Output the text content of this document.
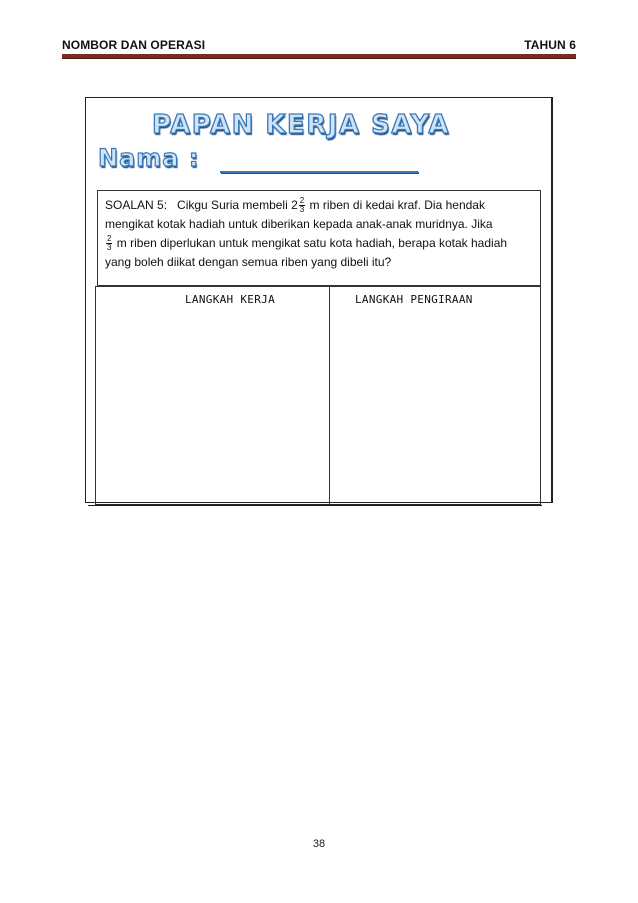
NOMBOR DAN OPERASI	TAHUN 6
PAPAN KERJA SAYA
Nama :
SOALAN 5: Cikgu Suria membeli $2 \frac{2}{3}$ m riben di kedai kraf. Dia hendak
mengikat kotak hadiah untuk diberikan kepada anak-anak muridnya. Jika

$\frac{2}{3}$ m riben diperlukan untuk mengikat satu kota hadiah, berapa kotak hadiah
yang boleh diikat dengan semua riben yang dibeli itu?
LANGKAH KERJA	LANGKAH PENGIRAAN
38
